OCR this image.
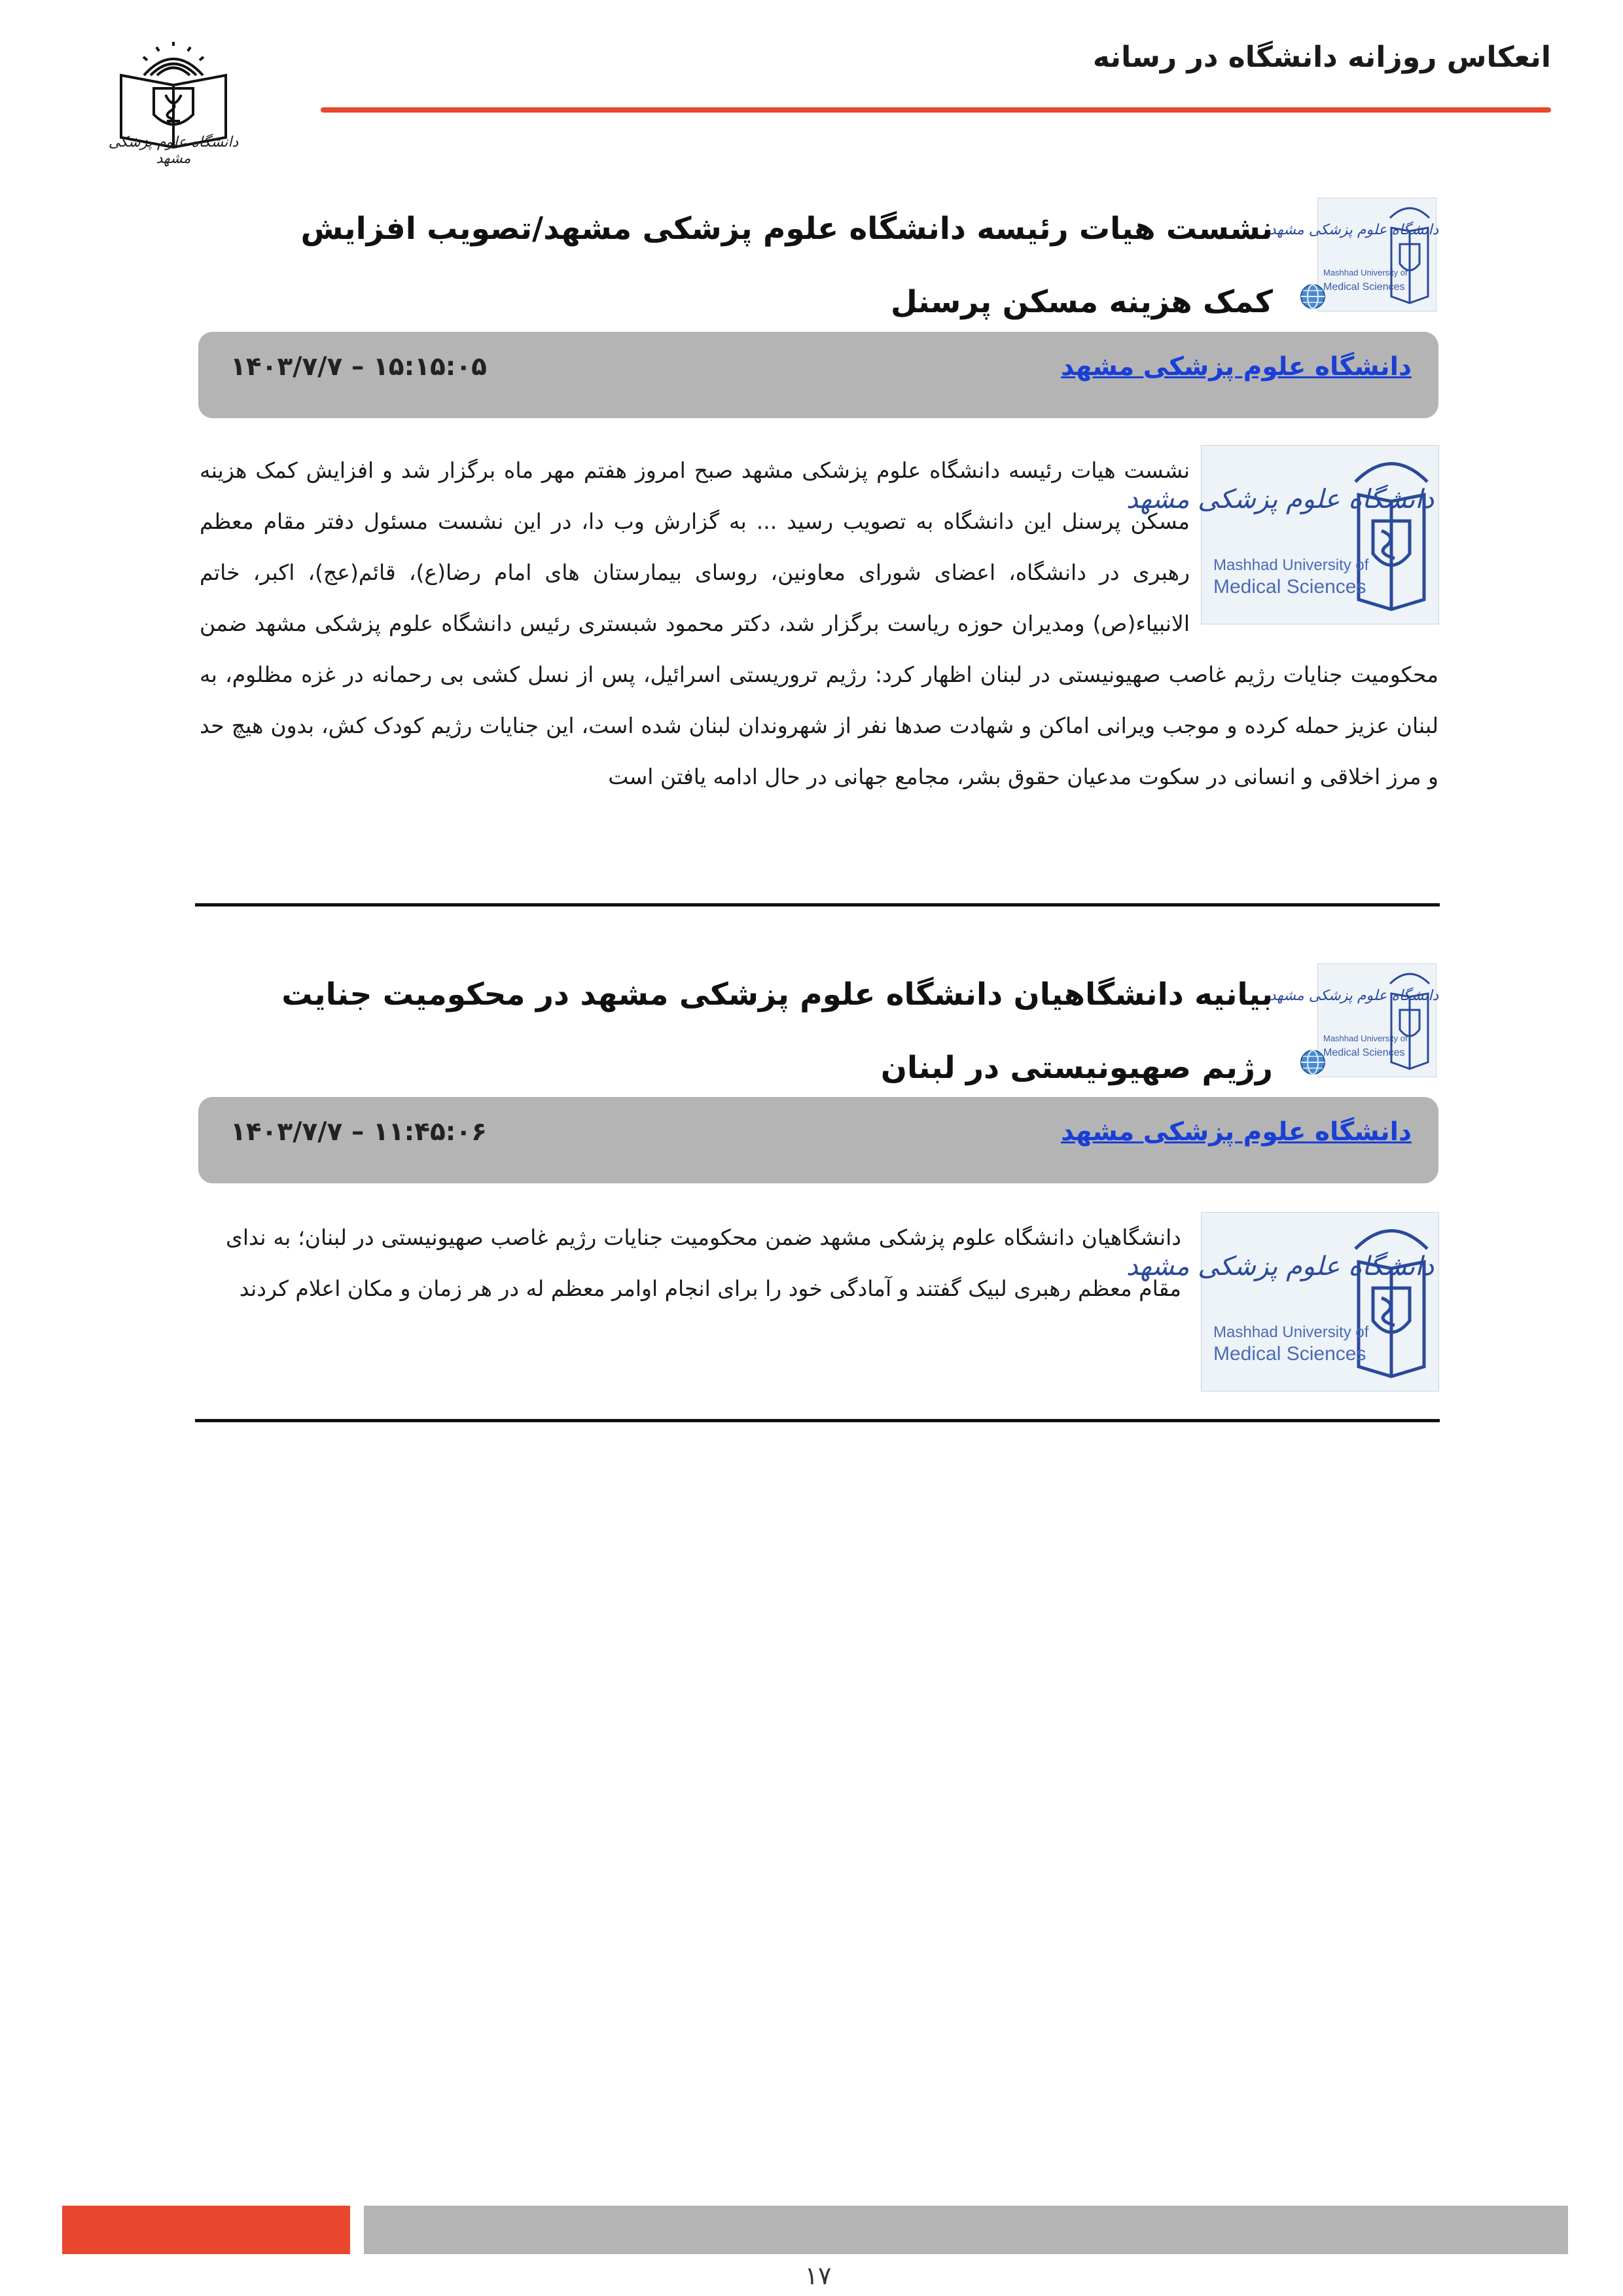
انعکاس روزانه دانشگاه در رسانه
دانشگاه علوم پزشکی مشهد
دانشگاه علوم پزشکی مشهد
Mashhad University of
Medical Sciences
نشست هیات رئیسه دانشگاه علوم پزشکی مشهد/تصویب افزایش کمک هزینه مسکن پرسنل
دانشگاه علوم پزشکی مشهد
۱۴۰۳/۷/۷ – ۱۵:۱۵:۰۵
دانشگاه علوم پزشکی مشهد
Mashhad University of
Medical Sciences
نشست هیات رئیسه دانشگاه علوم پزشکی مشهد صبح امروز هفتم مهر ماه برگزار شد و افزایش کمک هزینه مسکن پرسنل این دانشگاه به تصویب رسید ... به گزارش وب دا، در این نشست مسئول دفتر مقام معظم رهبری در دانشگاه، اعضای شورای معاونین، روسای بیمارستان های امام رضا(ع)، قائم(عج)، اکبر، خاتم الانبیاء(ص) ومدیران حوزه ریاست برگزار شد، دکتر محمود شبستری رئیس دانشگاه علوم پزشکی مشهد ضمن محکومیت جنایات رژیم غاصب صهیونیستی در لبنان اظهار کرد: رژیم تروریستی اسرائیل، پس از نسل کشی بی رحمانه در غزه مظلوم، به لبنان عزیز حمله کرده و موجب ویرانی اماکن و شهادت صدها نفر از شهروندان لبنان شده است، این جنایات رژیم کودک کش، بدون هیچ حد و مرز اخلاقی و انسانی در سکوت مدعیان حقوق بشر، مجامع جهانی در حال ادامه یافتن است
دانشگاه علوم پزشکی مشهد
Mashhad University of
Medical Sciences
بیانیه دانشگاهیان دانشگاه علوم پزشکی مشهد در محکومیت جنایت رژیم صهیونیستی در لبنان
دانشگاه علوم پزشکی مشهد
۱۴۰۳/۷/۷ – ۱۱:۴۵:۰۶
دانشگاه علوم پزشکی مشهد
Mashhad University of
Medical Sciences
دانشگاهیان دانشگاه علوم پزشکی مشهد ضمن محکومیت جنایات رژیم غاصب صهیونیستی در لبنان؛ به ندای مقام معظم رهبری لبیک گفتند و آمادگی خود را برای انجام اوامر معظم له در هر زمان و مکان اعلام کردند
۱۷
